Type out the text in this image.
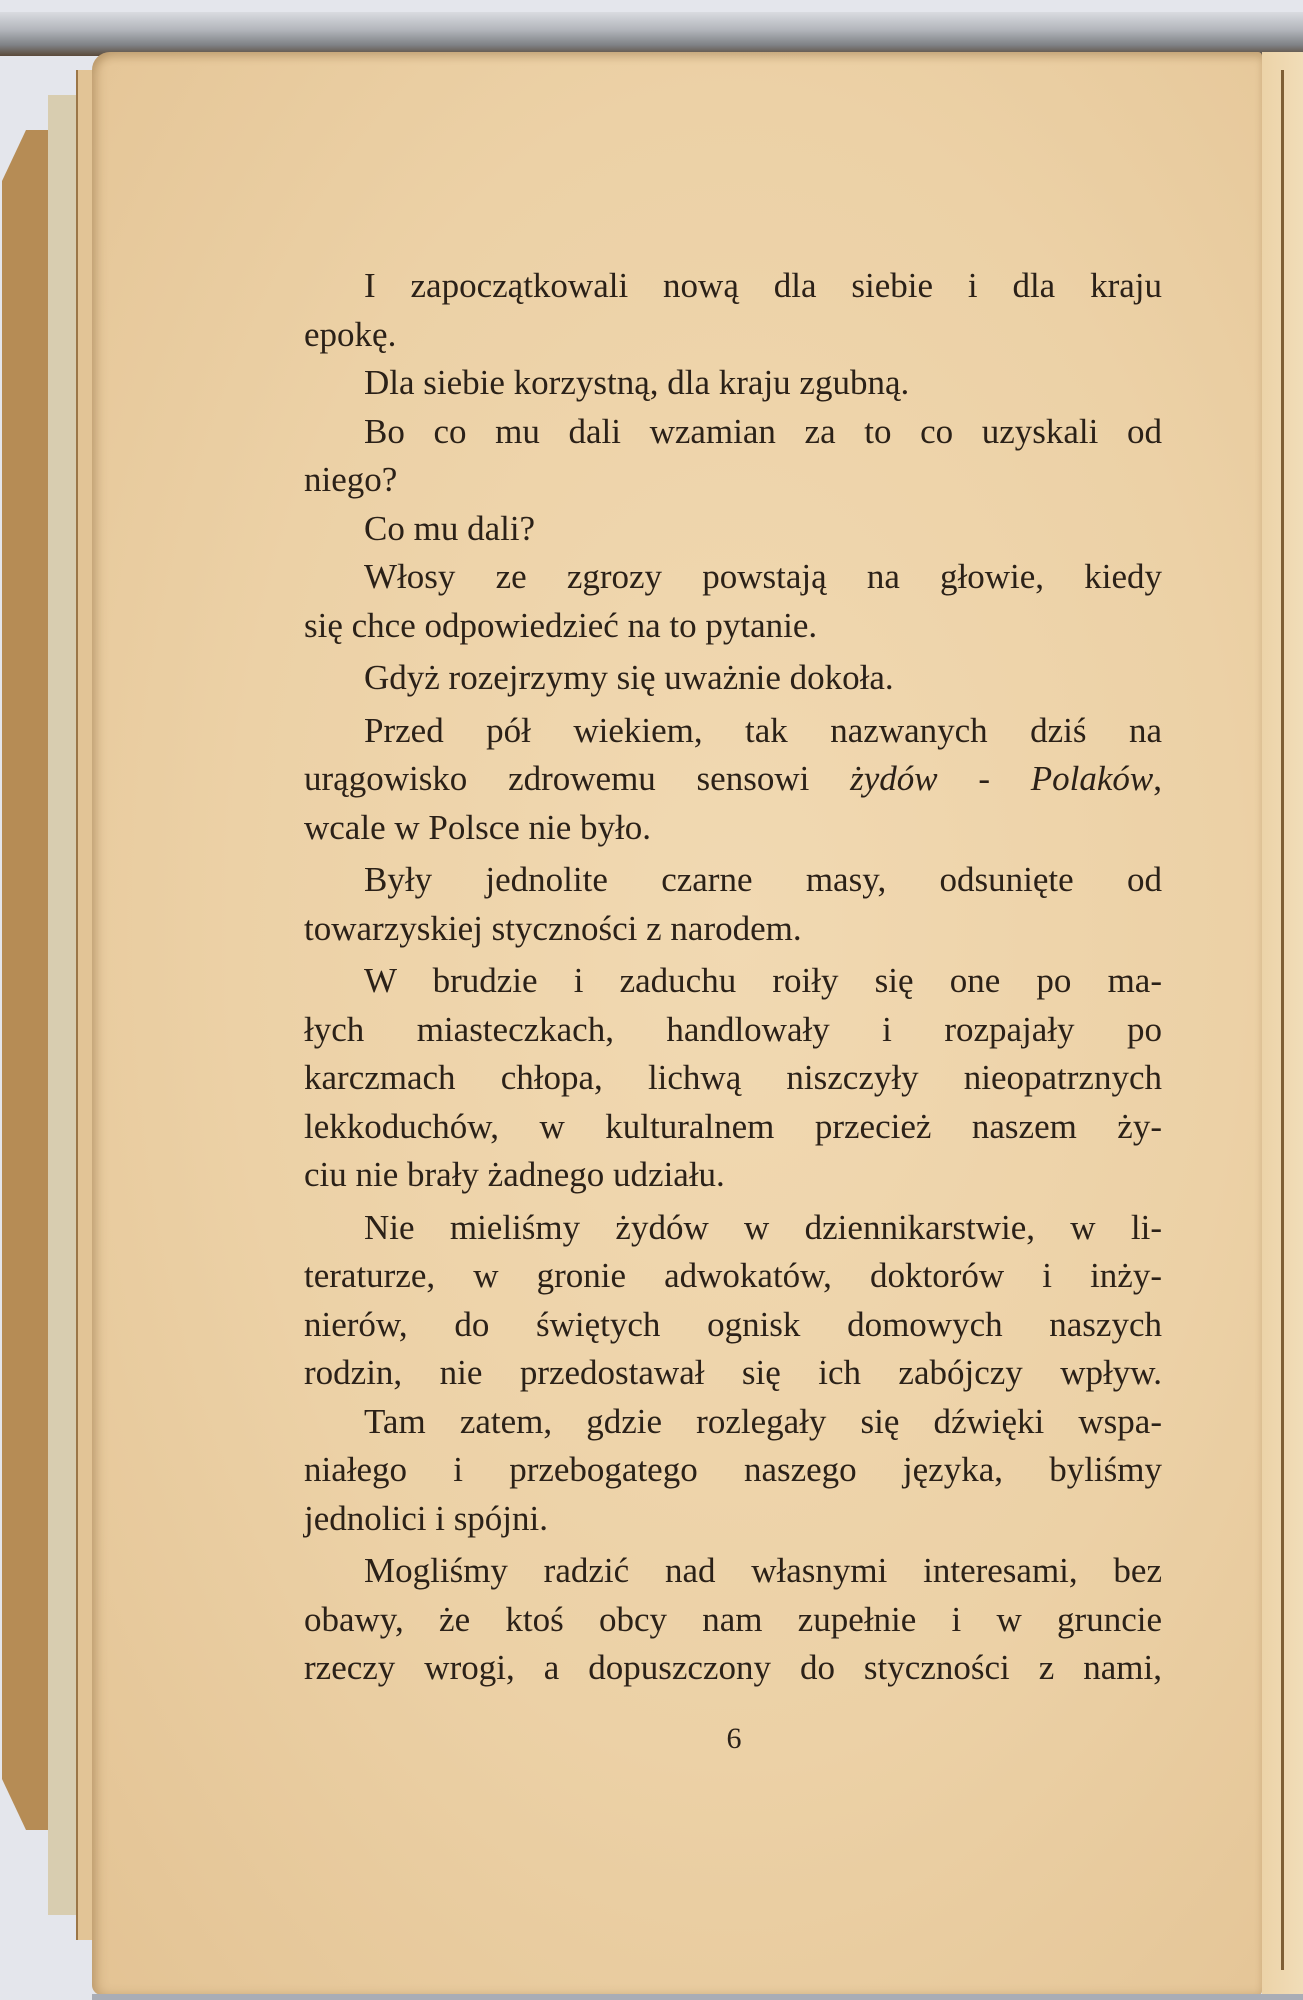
I zapoczątkowali nową dla siebie i dla kraju
epokę.
Dla siebie korzystną, dla kraju zgubną.
Bo co mu dali wzamian za to co uzyskali od
niego?
Co mu dali?
Włosy ze zgrozy powstają na głowie, kiedy
się chce odpowiedzieć na to pytanie.
Gdyż rozejrzymy się uważnie dokoła.
Przed pół wiekiem, tak nazwanych dziś na
urągowisko zdrowemu sensowi żydów - Polaków,
wcale w Polsce nie było.
Były jednolite czarne masy, odsunięte od
towarzyskiej styczności z narodem.
W brudzie i zaduchu roiły się one po ma-
łych miasteczkach, handlowały i rozpajały po
karczmach chłopa, lichwą niszczyły nieopatrznych
lekkoduchów, w kulturalnem przecież naszem ży-
ciu nie brały żadnego udziału.
Nie mieliśmy żydów w dziennikarstwie, w li-
teraturze, w gronie adwokatów, doktorów i inży-
nierów, do świętych ognisk domowych naszych
rodzin, nie przedostawał się ich zabójczy wpływ.
Tam zatem, gdzie rozlegały się dźwięki wspa-
niałego i przebogatego naszego języka, byliśmy
jednolici i spójni.
Mogliśmy radzić nad własnymi interesami, bez
obawy, że ktoś obcy nam zupełnie i w gruncie
rzeczy wrogi, a dopuszczony do styczności z nami,
6
